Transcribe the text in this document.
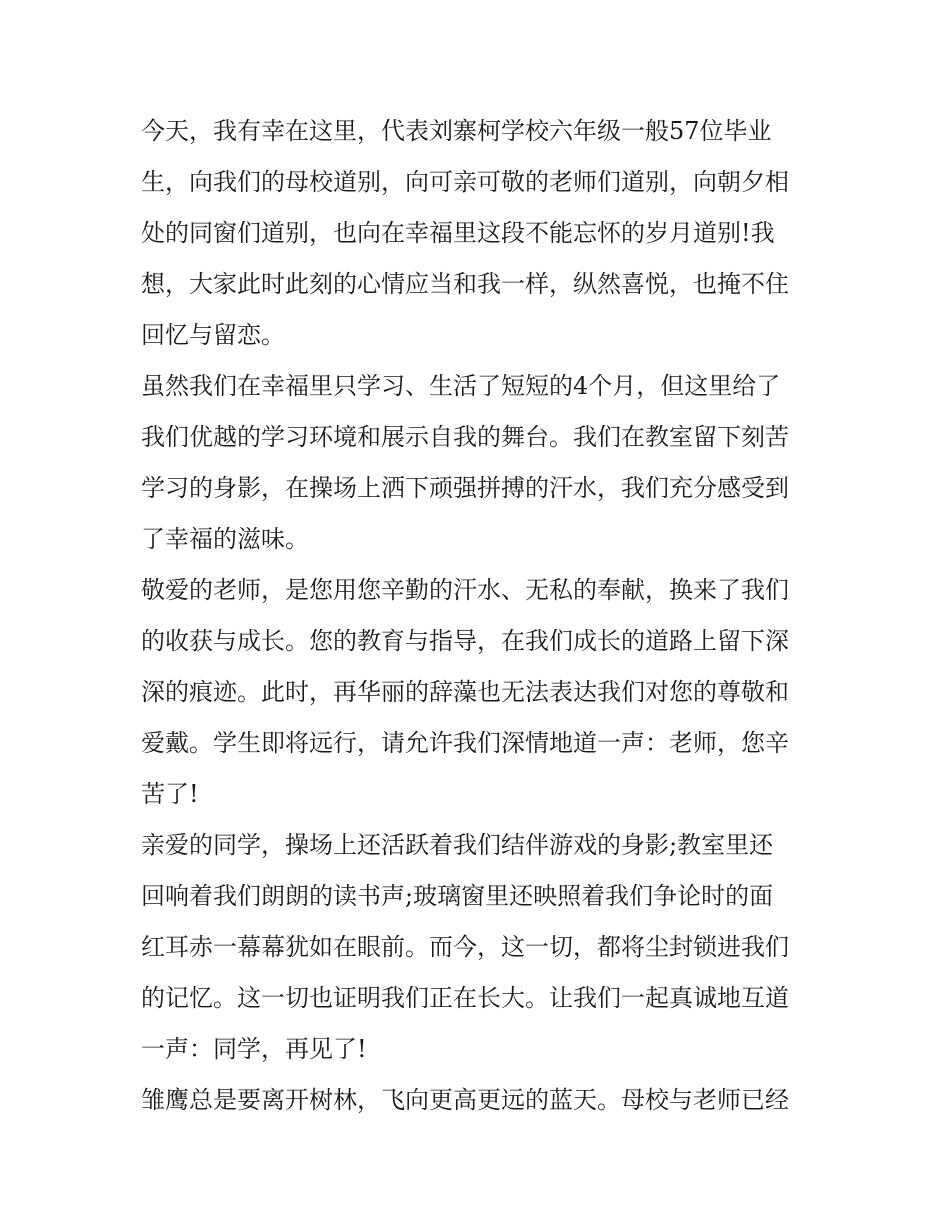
今天，我有幸在这里，代表刘寨柯学校六年级一般57位毕业
生，向我们的母校道别，向可亲可敬的老师们道别，向朝夕相
处的同窗们道别，也向在幸福里这段不能忘怀的岁月道别!我
想，大家此时此刻的心情应当和我一样，纵然喜悦，也掩不住
回忆与留恋。
虽然我们在幸福里只学习、生活了短短的4个月，但这里给了
我们优越的学习环境和展示自我的舞台。我们在教室留下刻苦
学习的身影，在操场上洒下顽强拼搏的汗水，我们充分感受到
了幸福的滋味。
敬爱的老师，是您用您辛勤的汗水、无私的奉献，换来了我们
的收获与成长。您的教育与指导，在我们成长的道路上留下深
深的痕迹。此时，再华丽的辞藻也无法表达我们对您的尊敬和
爱戴。学生即将远行，请允许我们深情地道一声：老师，您辛
苦了!
亲爱的同学，操场上还活跃着我们结伴游戏的身影;教室里还
回响着我们朗朗的读书声;玻璃窗里还映照着我们争论时的面
红耳赤一幕幕犹如在眼前。而今，这一切，都将尘封锁进我们
的记忆。这一切也证明我们正在长大。让我们一起真诚地互道
一声：同学，再见了!
雏鹰总是要离开树林，飞向更高更远的蓝天。母校与老师已经
